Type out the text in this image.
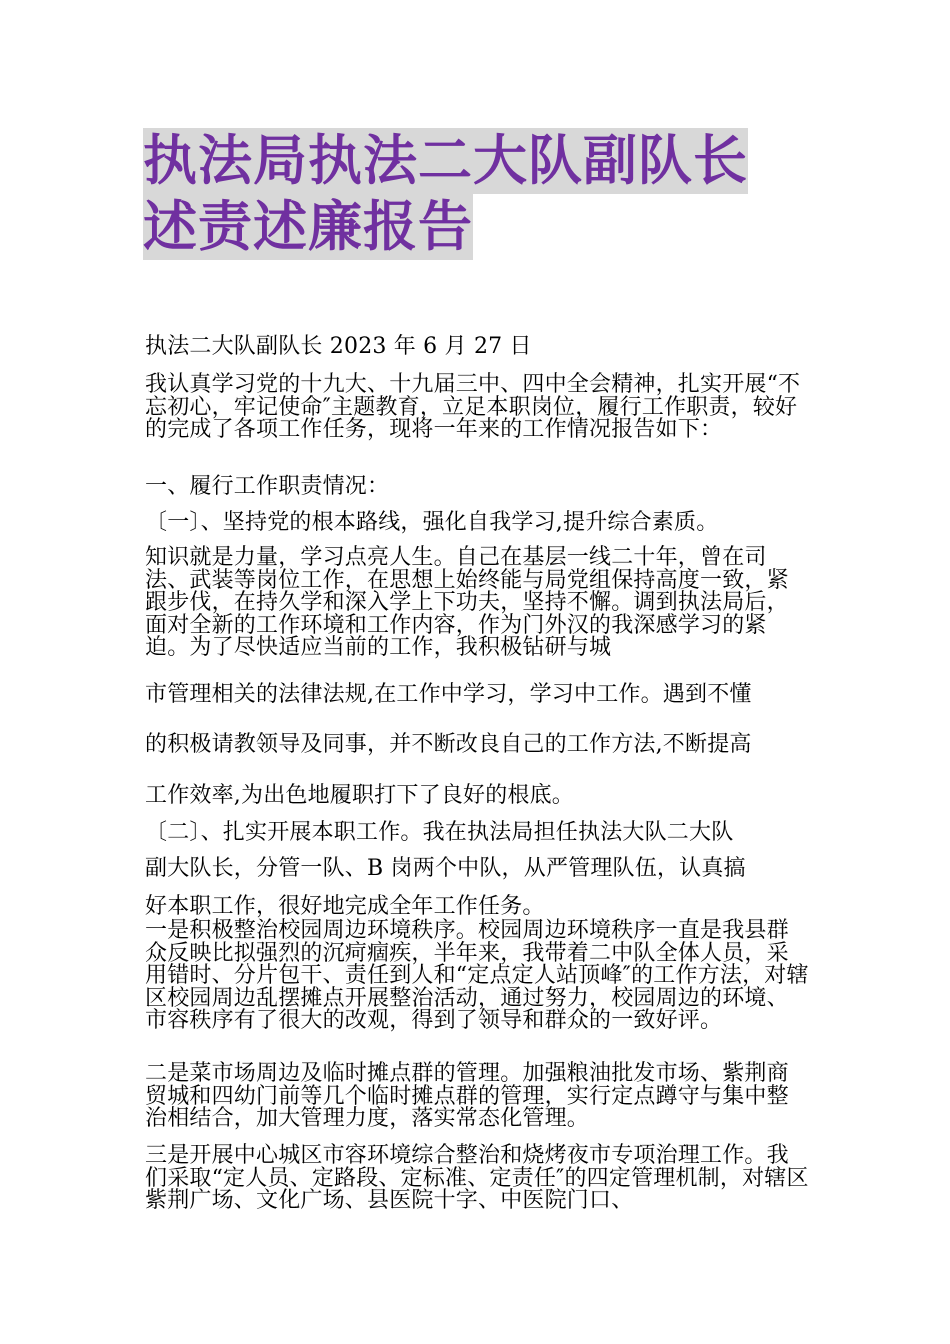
执法局执法二大队副队长
述责述廉报告
执法二大队副队长 2023 年 6 月 27 日
我认真学习党的十九大、十九届三中、四中全会精神，扎实开展“不忘初心，牢记使命″主题教育，立足本职岗位，履行工作职责，较好的完成了各项工作任务，现将一年来的工作情况报告如下：
一、履行工作职责情况：
〔一〕、坚持党的根本路线，强化自我学习,提升综合素质。
知识就是力量，学习点亮人生。自己在基层一线二十年，曾在司法、武装等岗位工作，在思想上始终能与局党组保持高度一致，紧跟步伐，在持久学和深入学上下功夫，坚持不懈。调到执法局后，面对全新的工作环境和工作内容，作为门外汉的我深感学习的紧迫。为了尽快适应当前的工作，我积极钻研与城
市管理相关的法律法规,在工作中学习，学习中工作。遇到不懂
的积极请教领导及同事，并不断改良自己的工作方法,不断提高
工作效率,为出色地履职打下了良好的根底。
〔二〕、扎实开展本职工作。我在执法局担任执法大队二大队
副大队长，分管一队、B 岗两个中队，从严管理队伍，认真搞
好本职工作，很好地完成全年工作任务。
一是积极整治校园周边环境秩序。校园周边环境秩序一直是我县群众反映比拟强烈的沉疴痼疾，半年来，我带着二中队全体人员，采用错时、分片包干、责任到人和“定点定人站顶峰″的工作方法，对辖区校园周边乱摆摊点开展整治活动，通过努力，校园周边的环境、市容秩序有了很大的改观，得到了领导和群众的一致好评。
二是菜市场周边及临时摊点群的管理。加强粮油批发市场、紫荆商贸城和四幼门前等几个临时摊点群的管理，实行定点蹲守与集中整治相结合，加大管理力度，落实常态化管理。
三是开展中心城区市容环境综合整治和烧烤夜市专项治理工作。我们采取“定人员、定路段、定标准、定责任″的四定管理机制，对辖区紫荆广场、文化广场、县医院十字、中医院门口、
